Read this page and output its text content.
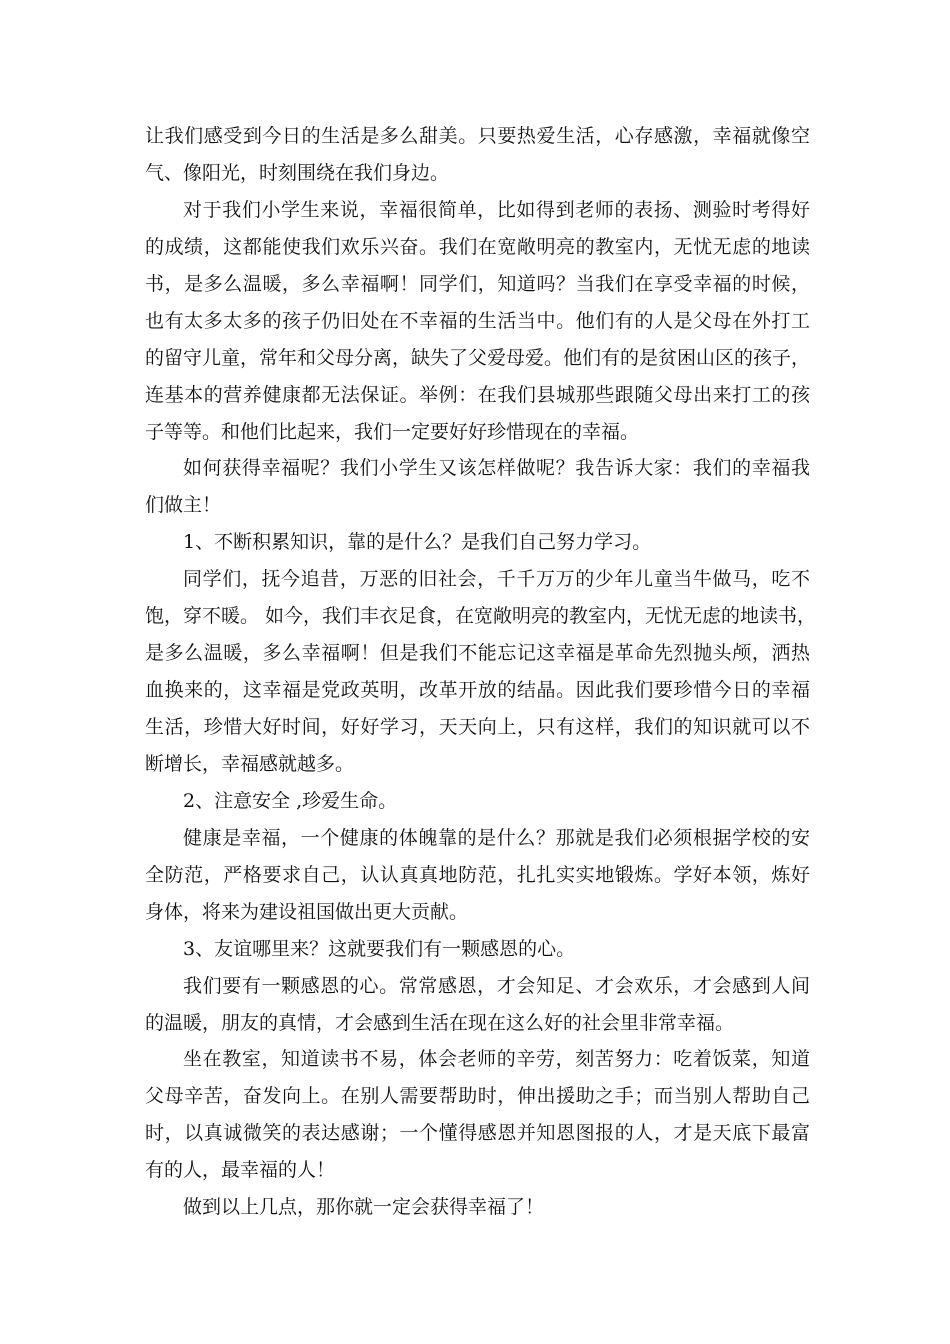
让我们感受到今日的生活是多么甜美。只要热爱生活，心存感激，幸福就像空
气、像阳光，时刻围绕在我们身边。
对于我们小学生来说，幸福很简单，比如得到老师的表扬、测验时考得好
的成绩，这都能使我们欢乐兴奋。我们在宽敞明亮的教室内，无忧无虑的地读
书，是多么温暖，多么幸福啊！同学们，知道吗？当我们在享受幸福的时候，
也有太多太多的孩子仍旧处在不幸福的生活当中。他们有的人是父母在外打工
的留守儿童，常年和父母分离，缺失了父爱母爱。他们有的是贫困山区的孩子，
连基本的营养健康都无法保证。举例：在我们县城那些跟随父母出来打工的孩
子等等。和他们比起来，我们一定要好好珍惜现在的幸福。
如何获得幸福呢？我们小学生又该怎样做呢？我告诉大家：我们的幸福我
们做主！
1、不断积累知识，靠的是什么？是我们自己努力学习。
同学们，抚今追昔，万恶的旧社会，千千万万的少年儿童当牛做马，吃不
饱，穿不暖。 如今，我们丰衣足食，在宽敞明亮的教室内，无忧无虑的地读书，
是多么温暖，多么幸福啊！但是我们不能忘记这幸福是革命先烈抛头颅，洒热
血换来的，这幸福是党政英明，改革开放的结晶。因此我们要珍惜今日的幸福
生活，珍惜大好时间，好好学习，天天向上，只有这样，我们的知识就可以不
断增长，幸福感就越多。
2、注意安全 ,珍爱生命。
健康是幸福，一个健康的体魄靠的是什么？那就是我们必须根据学校的安
全防范，严格要求自己，认认真真地防范，扎扎实实地锻炼。学好本领，炼好
身体，将来为建设祖国做出更大贡献。
3、友谊哪里来？这就要我们有一颗感恩的心。
我们要有一颗感恩的心。常常感恩，才会知足、才会欢乐，才会感到人间
的温暖，朋友的真情，才会感到生活在现在这么好的社会里非常幸福。
坐在教室，知道读书不易，体会老师的辛劳，刻苦努力：吃着饭菜，知道
父母辛苦，奋发向上。在别人需要帮助时，伸出援助之手；而当别人帮助自己
时，以真诚微笑的表达感谢；一个懂得感恩并知恩图报的人，才是天底下最富
有的人，最幸福的人！
做到以上几点，那你就一定会获得幸福了！
